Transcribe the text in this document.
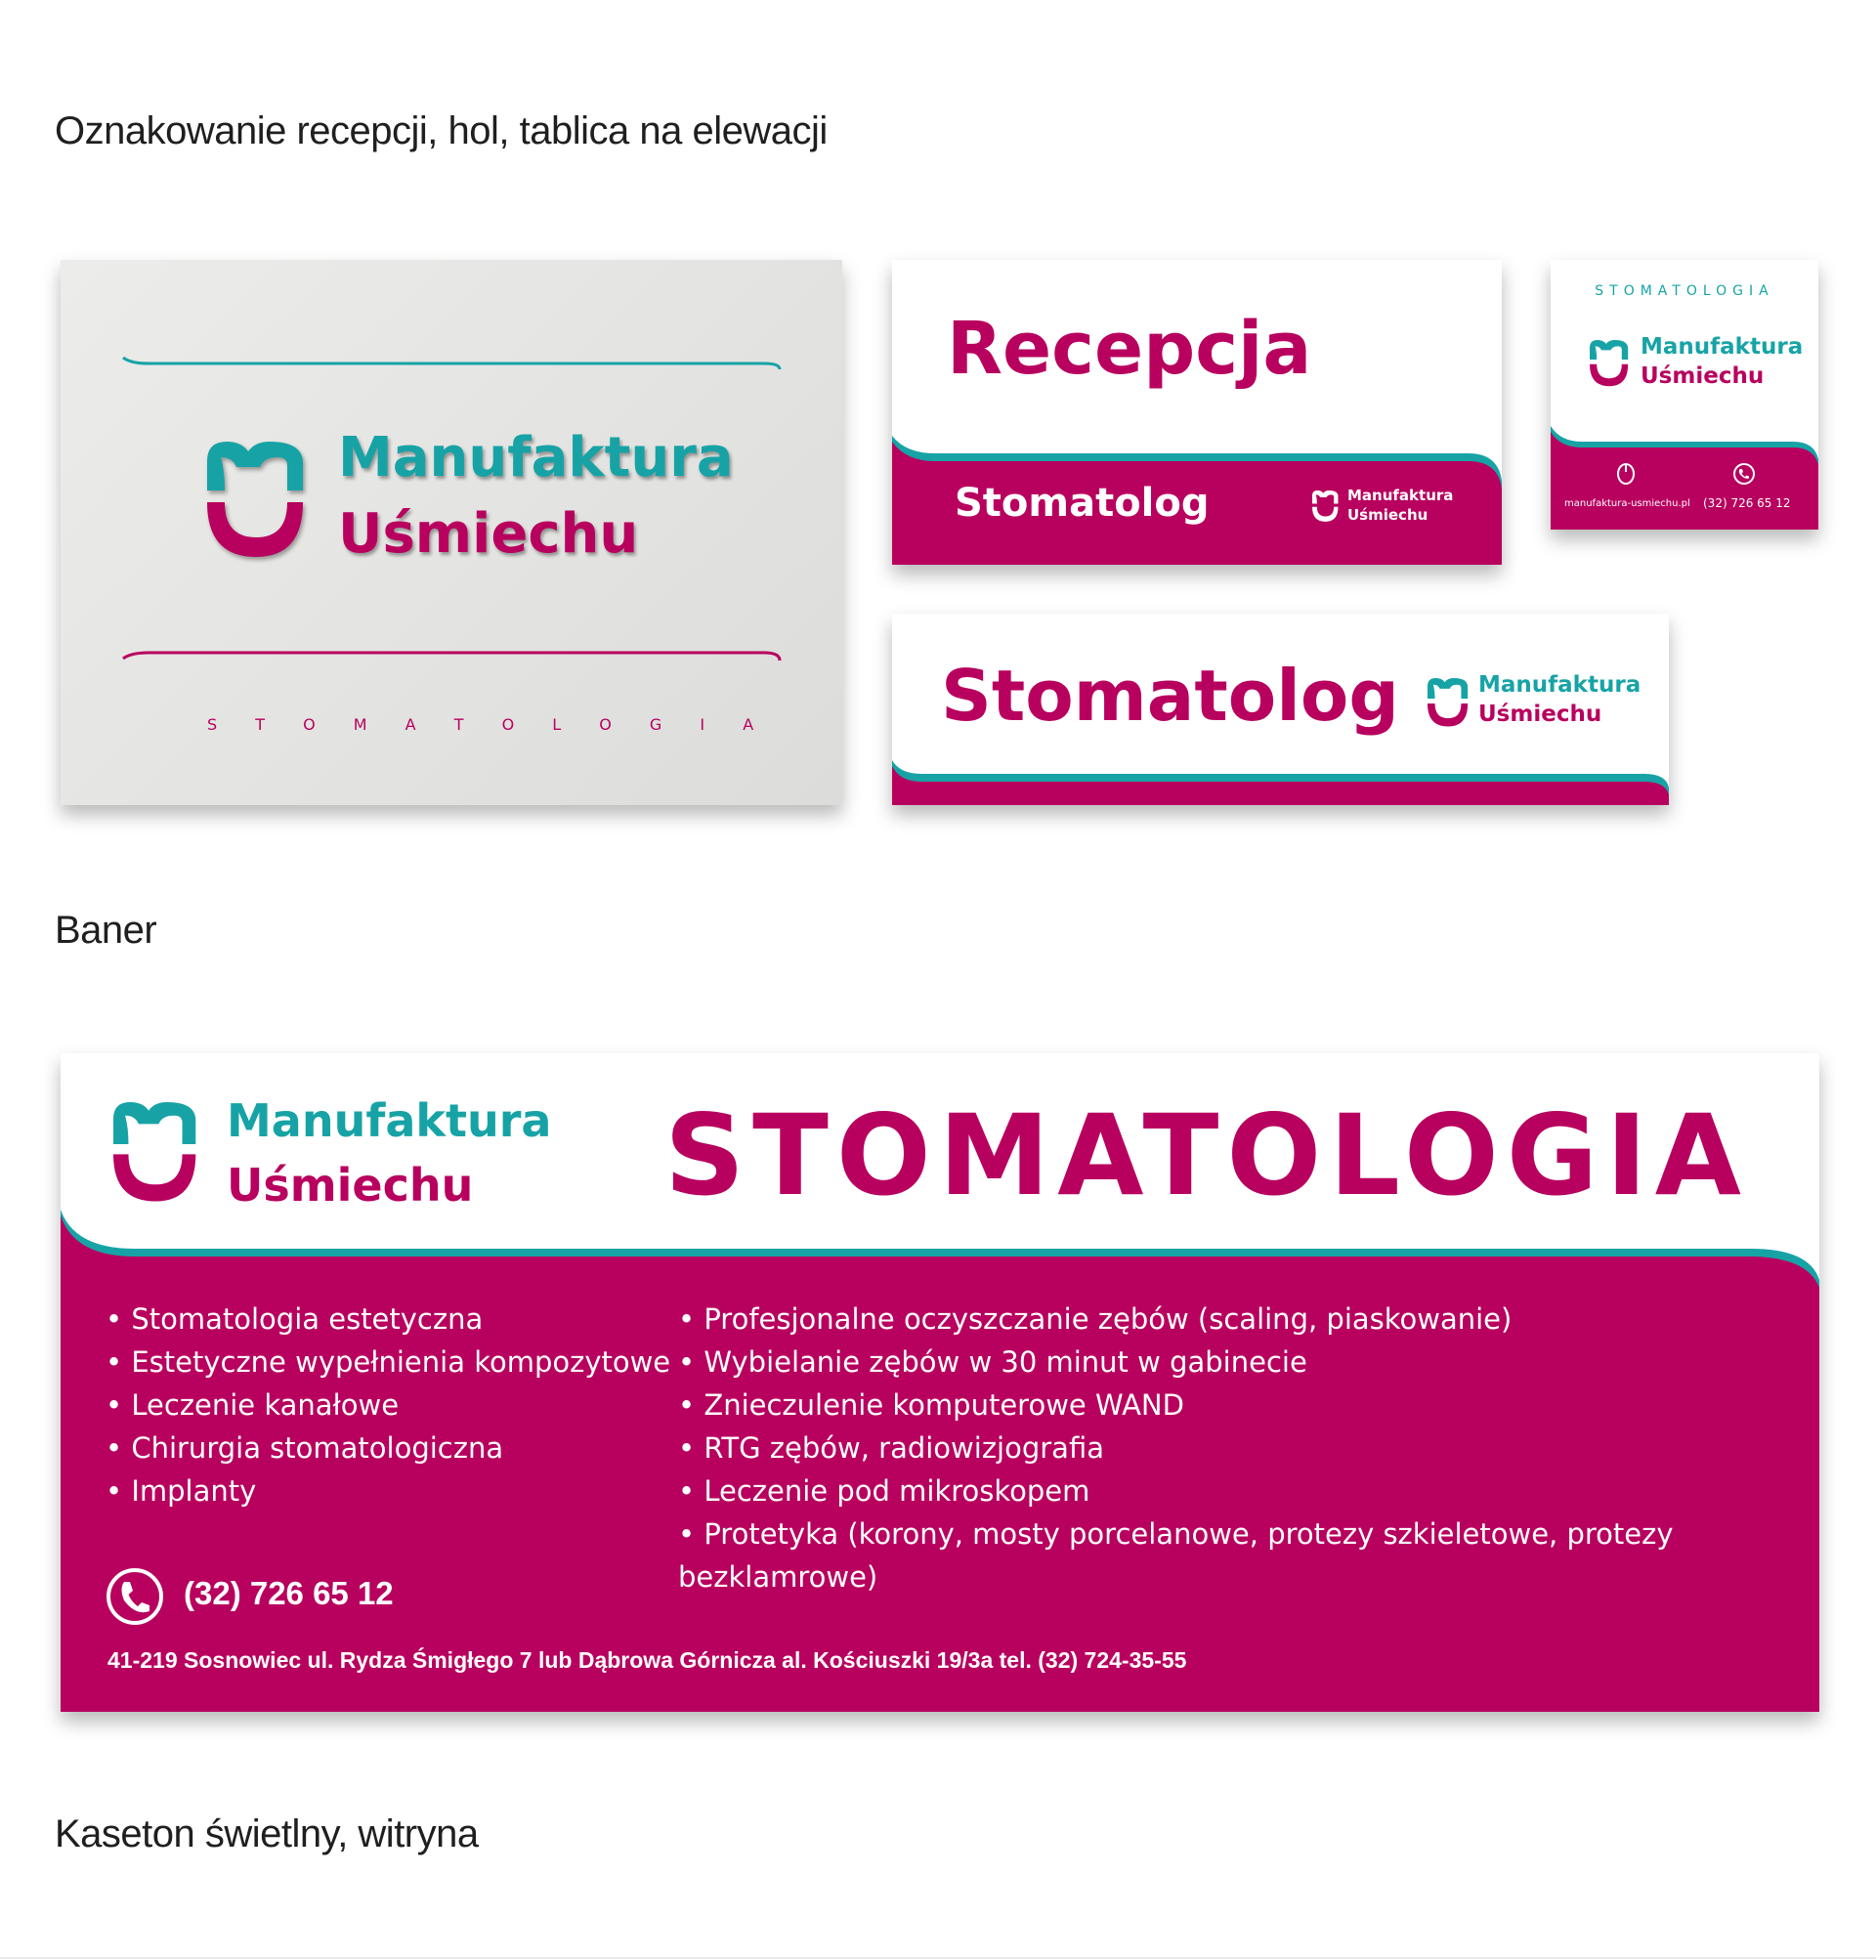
Oznakowanie recepcji, hol, tablica na elewacji
Baner
Kaseton świetlny, witryna
Manufaktura
Uśmiechu
S T O M A T O L O G I A
Recepcja
Stomatolog	Manufaktura
Uśmiechu
STOMATOLOGIA
Manufaktura
Uśmiechu
manufaktura-usmiechu.pl (32) 726 65 12
Stomatolog	Manufaktura
Uśmiechu
Manufaktura
Uśmiechu STOMATOLOGIA
• Stomatologia estetyczna
• Estetyczne wypełnienia kompozytowe
• Leczenie kanałowe
• Chirurgia stomatologiczna
• Implanty
• Profesjonalne oczyszczanie zębów (scaling, piaskowanie)
• Wybielanie zębów w 30 minut w gabinecie
• Znieczulenie komputerowe WAND
• RTG zębów, radiowizjografia
• Leczenie pod mikroskopem
• Protetyka (korony, mosty porcelanowe, protezy szkieletowe, protezy bezklamrowe)
(32) 726 65 12
41-219 Sosnowiec ul. Rydza Śmigłego 7 lub Dąbrowa Górnicza al. Kościuszki 19/3a tel. (32) 724-35-55
